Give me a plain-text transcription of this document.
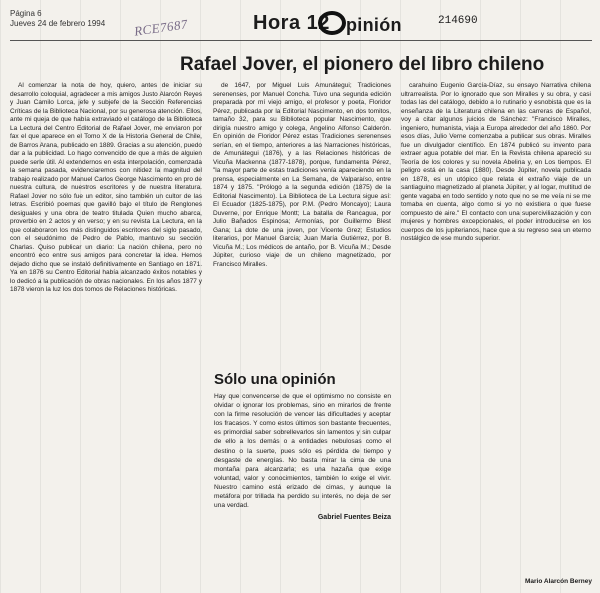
Página 6
Jueves 24 de febrero 1994 RCE7687	Hora 12 pinión	214690
Rafael Jover, el pionero del libro chileno

Al comenzar la nota de hoy, quiero, antes de iniciar su desarrollo coloquial, agradecer a mis amigos Justo Alarcón Reyes y Juan Camilo Lorca, jefe y subjefe de la Sección Referencias Críticas de la Biblioteca Nacional, por su generosa atención. Ellos, ante mi queja de que había extraviado el catálogo de la Biblioteca La Lectura del Centro Editorial de Rafael Jover, me enviaron por fax el que aparece en el Tomo X de la Historia General de Chile, de Barros Arana, publicado en 1889. Gracias a su atención, puedo dar a la publicidad. Lo hago convencido de que a más de alguien puede serle útil. Al extendernos en esta interpolación, comenzada la semana pasada, evidenciaremos con nitidez la magnitud del trabajo realizado por Manuel Carlos George Nascimento en pro de nuestra cultura, de nuestros escritores y de nuestra literatura. Rafael Jover no sólo fue un editor, sino también un cultor de las letras. Escribió poemas que gavilló bajo el título de Renglones desiguales y una obra de teatro titulada Quien mucho abarca, proverbio en 2 actos y en verso; y en su revista La Lectura, en la que colaboraron los más distinguidos escritores del siglo pasado, con el seudónimo de Pedro de Pablo, mantuvo su sección Charlas. Quiso publicar un diario: La nación chilena, pero no encontró eco entre sus amigos para concretar la idea. Hemos dejado dicho que se instaló definitivamente en Santiago en 1871. Ya en 1876 su Centro Editorial había alcanzado éxitos notables y lo dedicó a la publicación de obras nacionales. En los años 1877 y 1878 vieron la luz los dos tomos de Relaciones históricas.

de 1647, por Miguel Luis Amunátegui; Tradiciones serenenses, por Manuel Concha. Tuvo una segunda edición preparada por mí viejo amigo, el profesor y poeta, Floridor Pérez, publicada por la Editorial Nascimento, en dos tomitos, tamaño 32, para su Biblioteca popular Nascimento, que dirigía nuestro amigo y colega, Angelino Alfonso Calderón. En opinión de Floridor Pérez estas Tradiciones serenenses serían, en el tiempo, anteriores a las Narraciones históricas, de Amunátegui (1876), y a las Relaciones históricas de Vicuña Mackenna (1877-1878), porque, fundamenta Pérez, "la mayor parte de estas tradiciones venía apareciendo en la prensa, especialmente en La Semana, de Valparaíso, entre 1874 y 1875. "Prólogo a la segunda edición (1875) de la Editorial Nascimento). La Biblioteca de La Lectura sigue así: El Ecuador (1825-1875), por P.M. (Pedro Moncayo); Laura Duverne, por Enrique Montt; La batalla de Rancagua, por Julio Bañados Espinosa; Armonías, por Guillermo Blest Gana; La dote de una joven, por Vicente Grez; Estudios literarios, por Manuel García; Juan María Gutiérrez, por B. Vicuña M.; Los médicos de antaño, por B. Vicuña M.; Desde Júpiter, curioso viaje de un chileno magnetizado, por Francisco Miralles.

Sólo una opinión
Hay que convencerse de que el optimismo no consiste en olvidar o ignorar los problemas, sino en mirarlos de frente con la firme resolución de vencer las dificultades y aceptar los fracasos. Y como estos últimos son bastante frecuentes, es primordial saber sobrellevarlos sin lamentos y sin culpar de ello a los demás o a entidades nebulosas como el destino o la suerte, pues sólo es pérdida de tiempo y desgaste de energías. No basta mirar la cima de una montaña para alcanzarla; es una hazaña que exige voluntad, valor y conocimientos, también lo exige el vivir. Nuestro camino está erizado de cimas, y aunque la metáfora por trillada ha perdido su interés, no deja de ser una verdad.
Gabriel Fuentes Beiza

carahuino Eugenio García-Díaz, su ensayo Narrativa chilena ultrarrealista. Por lo ignorado que son Miralles y su obra, y casi todas las del catálogo, debido a lo rutinario y esnobista que es la enseñanza de la Literatura chilena en las carreras de Español, voy a citar algunos juicios de Sánchez: "Francisco Miralles, ingeniero, humanista, viaja a Europa alrededor del año 1860. Por esos días, Julio Verne comenzaba a publicar sus obras. Miralles fue un divulgador científico. En 1874 publicó su invento para extraer agua potable del mar. En la Revista chilena apareció su Teoría de los colores y su novela Abelina y, en Los tiempos. El peligro está en la casa (1880). Desde Júpiter, novela publicada en 1878, es un utópico que relata el extraño viaje de un santiaguino magnetizado al planeta Júpiter, y al logar, multitud de gente vagaba en todo sentido y noto que no se me veía ni se me tomaba en cuenta, algo como si yo no existiera o que fuese compuesto de aire." El contacto con una superciviliazación y con mujeres y hombres excepcionales, el poder introducirse en los cuerpos de los jupiterianos, hace que a su regreso sea un eterno nostálgico de ese mundo superior.

Mario Alarcón Berney
